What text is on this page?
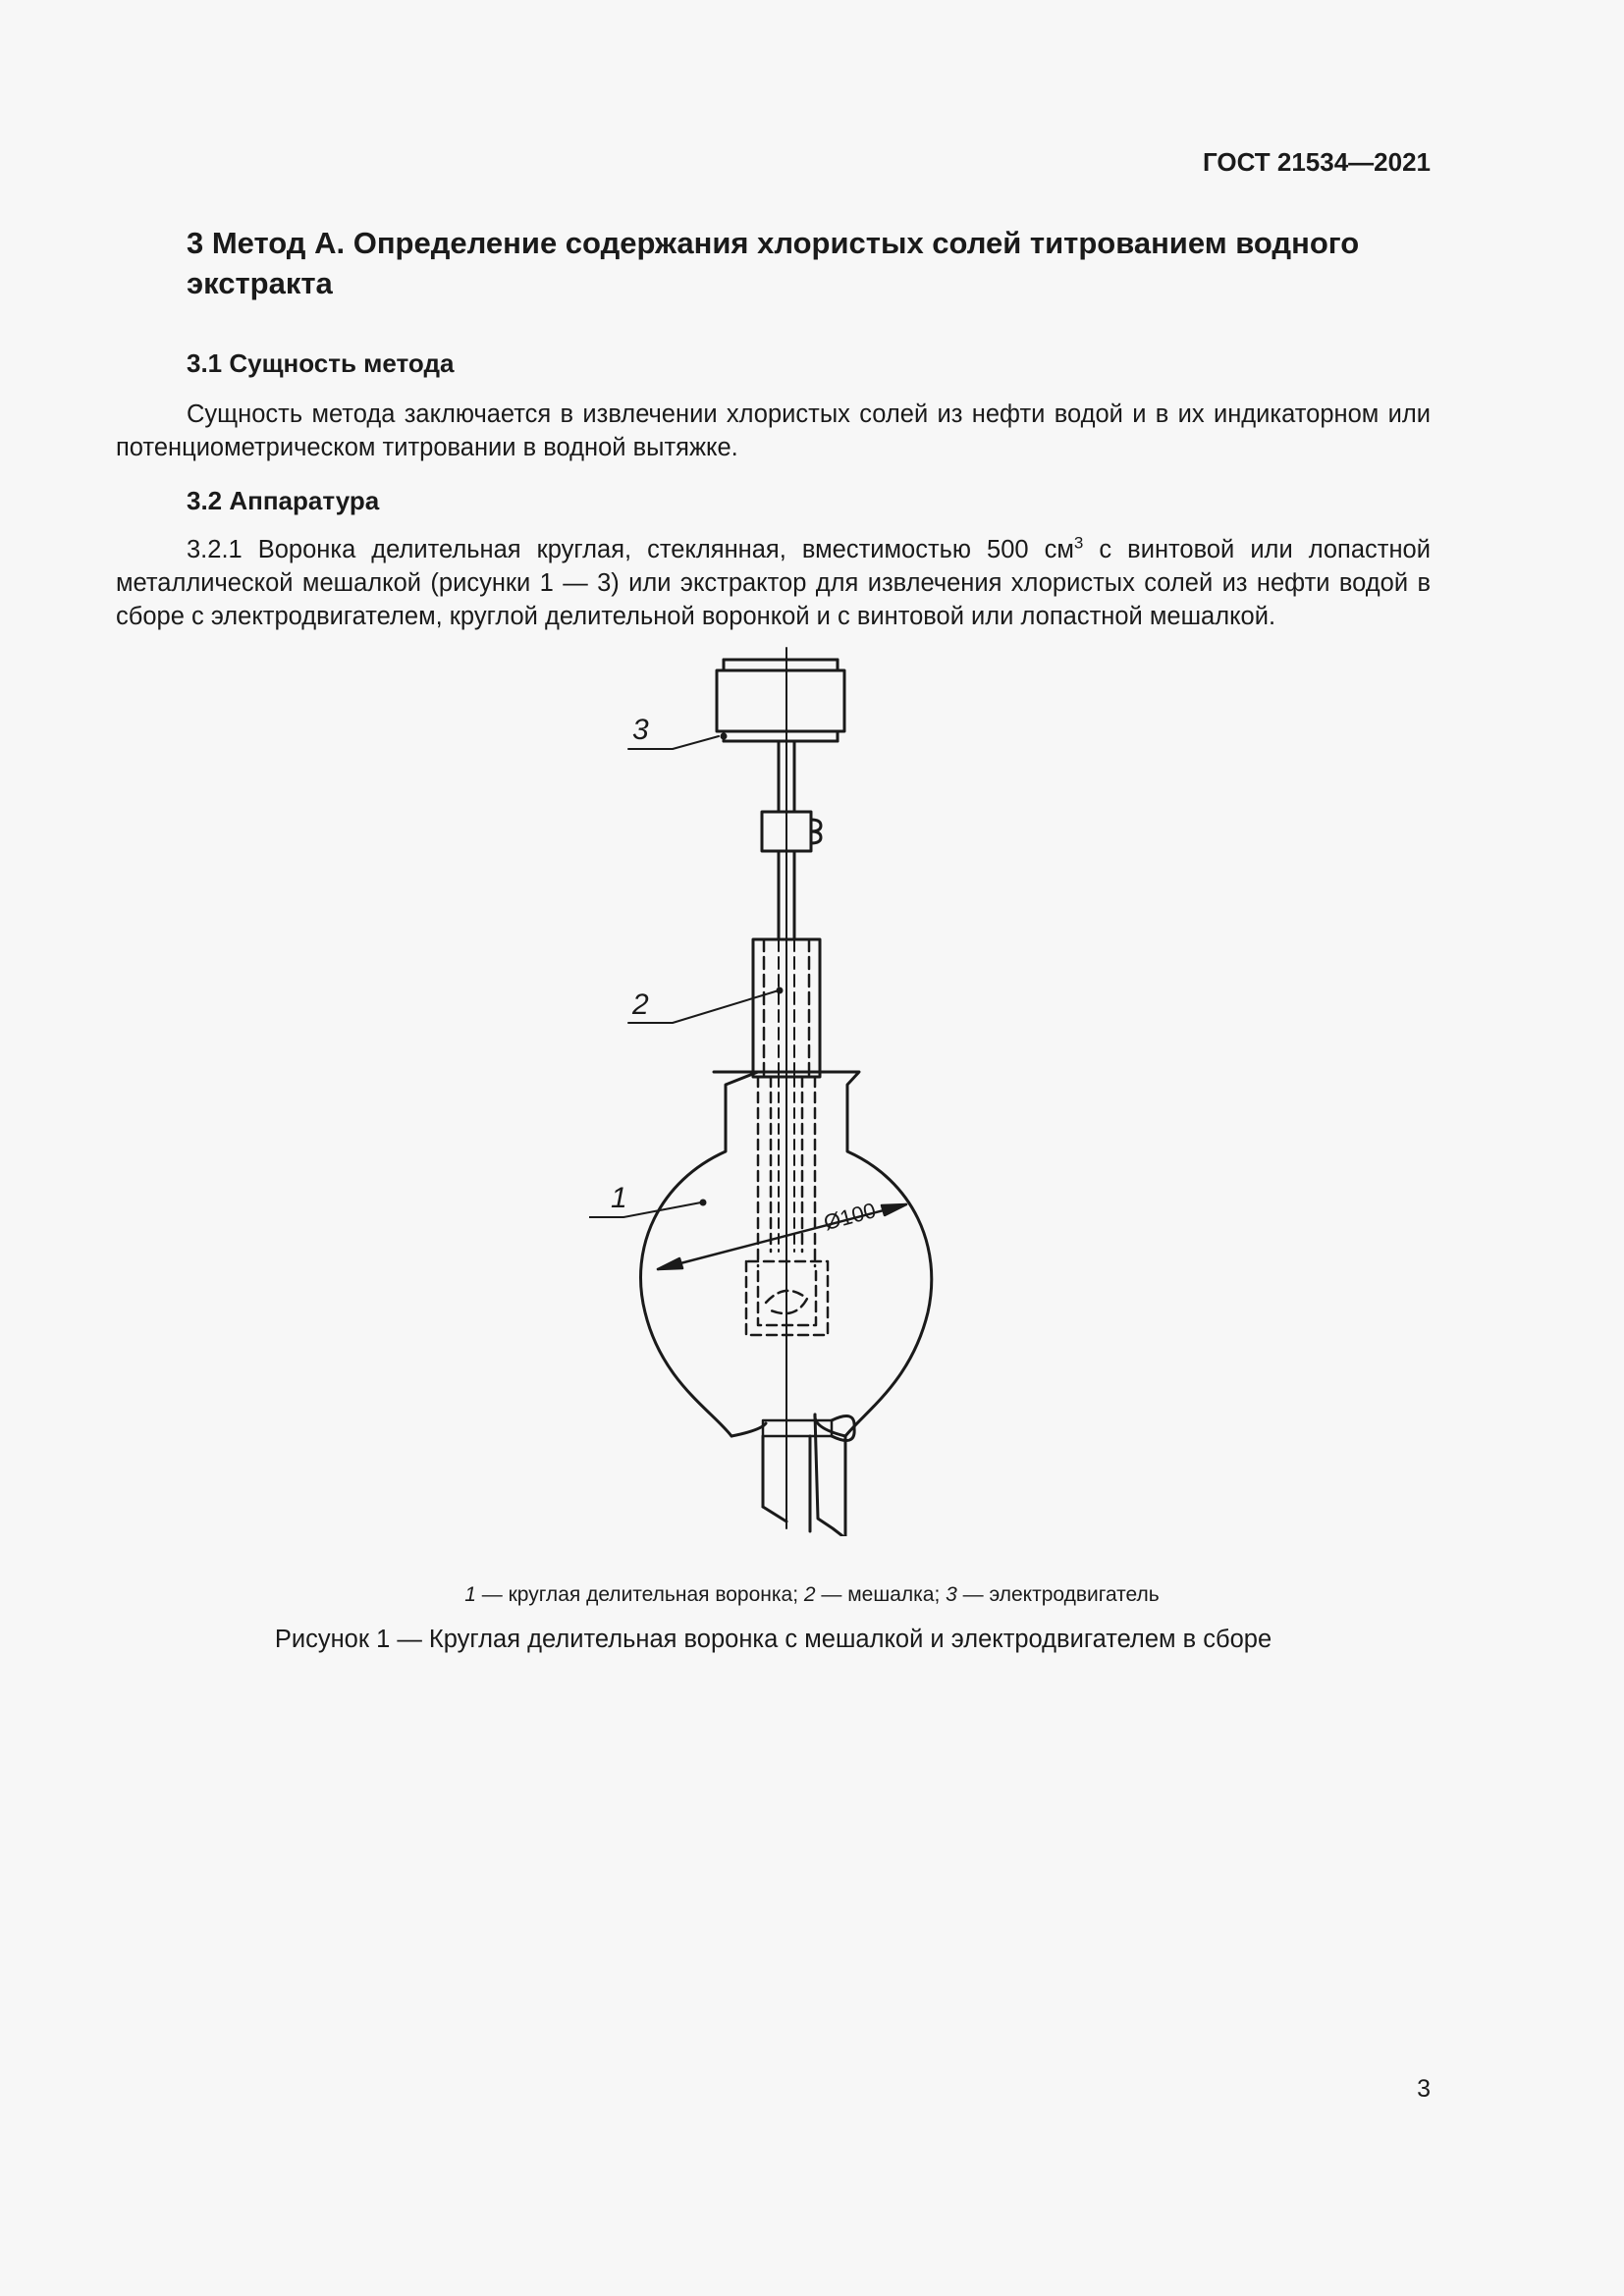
ГОСТ 21534—2021
3 Метод А. Определение содержания хлористых солей титрованием водного экстракта
3.1 Сущность метода
Сущность метода заключается в извлечении хлористых солей из нефти водой и в их индикаторном или потенциометрическом титровании в водной вытяжке.
3.2 Аппаратура
3.2.1 Воронка делительная круглая, стеклянная, вместимостью 500 $см^3$ с винтовой или лопастной металлической мешалкой (рисунки 1 — 3) или экстрактор для извлечения хлористых солей из нефти водой в сборе с электродвигателем, круглой делительной воронкой и с винтовой или лопастной мешалкой.
Ø100
3
2
1
1 — круглая делительная воронка; 2 — мешалка; 3 — электродвигатель
Рисунок 1 — Круглая делительная воронка с мешалкой и электродвигателем в сборе
3
